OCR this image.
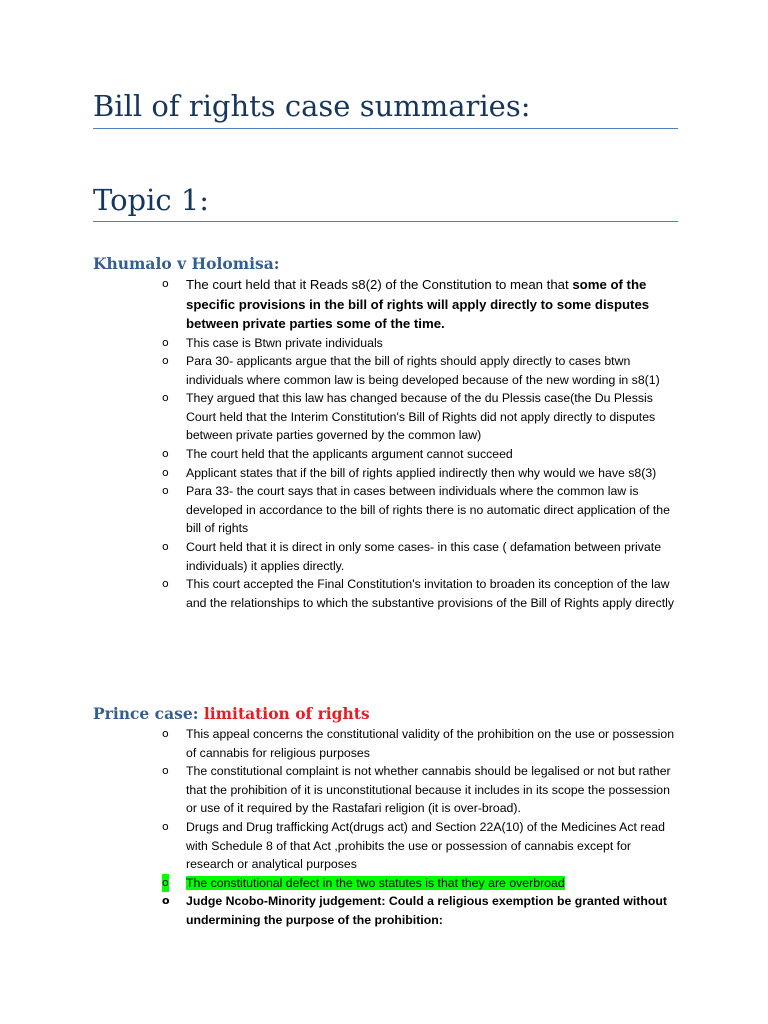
Bill of rights case summaries:
Topic 1:
Khumalo v Holomisa:
o The court held that it Reads s8(2) of the Constitution to mean that some of the specific provisions in the bill of rights will apply directly to some disputes between private parties some of the time.
o This case is Btwn private individuals
o Para 30- applicants argue that the bill of rights should apply directly to cases btwn individuals where common law is being developed because of the new wording in s8(1)
o They argued that this law has changed because of the du Plessis case(the Du Plessis Court held that the Interim Constitution's Bill of Rights did not apply directly to disputes between private parties governed by the common law)
o The court held that the applicants argument cannot succeed
o Applicant states that if the bill of rights applied indirectly then why would we have s8(3)
o Para 33- the court says that in cases between individuals where the common law is developed in accordance to the bill of rights there is no automatic direct application of the bill of rights
o Court held that it is direct in only some cases- in this case ( defamation between private individuals) it applies directly.
o This court accepted the Final Constitution's invitation to broaden its conception of the law and the relationships to which the substantive provisions of the Bill of Rights apply directly
Prince case: limitation of rights
o This appeal concerns the constitutional validity of the prohibition on the use or possession of cannabis for religious purposes
o The constitutional complaint is not whether cannabis should be legalised or not but rather that the prohibition of it is unconstitutional because it includes in its scope the possession or use of it required by the Rastafari religion (it is over-broad).
o Drugs and Drug trafficking Act(drugs act) and Section 22A(10) of the Medicines Act read with Schedule 8 of that Act ,prohibits the use or possession of cannabis except for research or analytical purposes
o The constitutional defect in the two statutes is that they are overbroad
o Judge Ncobo-Minority judgement: Could a religious exemption be granted without undermining the purpose of the prohibition:
